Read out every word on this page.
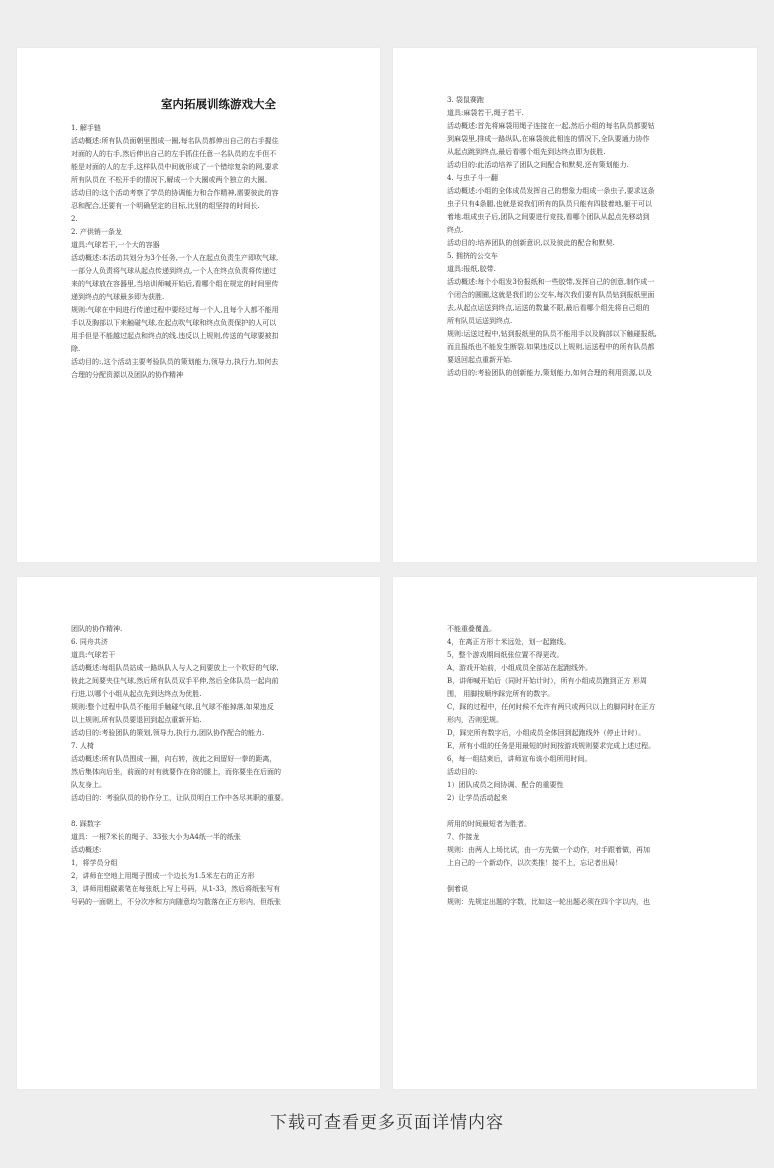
室内拓展训练游戏大全
1. 解手链
活动概述:所有队员面朝里围成一圈,每名队员都伸出自己的右手握住
对面的人的右手,然后伸出自己的左手抓住任意一名队员的左手但不
能是对面的人的左手,这样队员中间就形成了一个错综复杂的网,要求
所有队员在 不松开手的情况下,解成一个大圈或两个独立的大圈。
活动目的:这个活动考察了学员的协调能力和合作精神,需要彼此的容
忍和配合,还要有一个明确坚定的目标,比别的组坚持的时间长.
2.
2. 产供销一条龙
道具:气球若干,一个大的容器
活动概述:本活动共划分为3个任务,一个人在起点负责生产即吹气球,
一部分人负责将气球从起点传递到终点,一个人在终点负责将传递过
来的气球放在容器里,当培训师喊开始后,看哪个组在规定的时间里传
递到终点的气球最多即为获胜.
规则:气球在中间进行传递过程中要经过每一个人,且每个人都不能用
手以及胸部以下来触碰气球,在起点吹气球和终点负责保护的人可以
用手但是不能越过起点和终点的线.违反以上规则,传送的气球要被扣
除.
活动目的:,这个活动主要考验队员的策划能力,领导力,执行力,如何去
合理的分配资源以及团队的协作精神
3. 袋鼠赛跑
道具:麻袋若干,绳子若干.
活动概述:首先将麻袋用绳子连接在一起,然后小组的每名队员都要钻
到麻袋里,排成一路纵队,在麻袋彼此相连的情况下,全队要通力协作
从起点跳到终点,最后看哪个组先到达终点即为获胜.
活动目的:此活动培养了团队之间配合和默契,还有策划能力.
4. 与虫子斗一翻
活动概述:小组的全体成员发挥自己的想象力组成一条虫子,要求这条
虫子只有4条腿,也就是说我们所有的队员只能有四肢着地,躯干可以
着地.组成虫子后,团队之间要进行竞技,看哪个团队从起点先移动到
终点.
活动目的:培养团队的创新意识,以及彼此的配合和默契.
5. 拥挤的公交车
道具:报纸,胶带.
活动概述:每个小组发3份报纸和一些胶带,发挥自己的创意,制作成一
个闭合的圆圈,这就是我们的公交车,每次我们要有队员钻到报纸里面
去,从起点运送到终点,运送的数量不限,最后看哪个组先将自己组的
所有队员运送到终点.
规则:运送过程中,钻到报纸里的队员不能用手以及胸部以下触碰报纸,
而且报纸也不能发生断裂.如果违反以上规则,运送程中的所有队员都
要返回起点重新开始.
活动目的:考验团队的创新能力,策划能力,如何合理的利用资源,以及
团队的协作精神.
6. 同舟共济
道具:气球若干
活动概述:每组队员站成一路纵队人与人之间要放上一个吹好的气球,
彼此之间要夹住气球,然后所有队员双手平伸,然后全体队员一起向前
行进,以哪个小组从起点先到达终点为优胜.
规则:整个过程中队员不能用手触碰气球,且气球不能掉落,如果违反
以上规则,所有队员要退回到起点重新开始.
活动目的:考验团队的策划,领导力,执行力,团队协作配合的能力.
7. 人椅
活动概述:所有队员围成一圈，向右转，彼此之间留好一拳的距离，
然后集体向后坐，前面的对有就要作在你的腿上，而你要坐在后面的
队友身上。
活动目的：考验队员的协作分工，让队员明白工作中各尽其职的重要。
8. 踩数字
道具：一根7米长的绳子、33张大小为A4纸一半的纸张
活动概述:
1，将学员分组
2，讲师在空地上用绳子围成一个边长为1.5米左右的正方形
3，讲师用粗碳素笔在每张纸上写上号码，从1-33，然后将纸张写有
号码的一面朝上，不分次序和方向随意均匀散落在正方形内，但纸张
不能重叠覆盖。
4，在离正方形十米远处，划一起跑线。
5，整个游戏期间纸张位置不得更改。
A，游戏开始前，小组成员全部站在起跑线外。
B，讲师喊开始后（同时开始计时），所有小组成员跑到正方 形周
围， 用脚按顺序踩完所有的数字。
C，踩的过程中，任何时候不允许有两只或两只以上的脚同时在正方
形内，否则犯规。
D，踩完所有数字后，小组成员全体回到起跑线外（停止计时）。
E，所有小组的任务是用最短的时间按游戏规则要求完成上述过程。
6，每一组结束后，讲师宣布该小组所用时间。
活动目的:
1）团队成员之间协调、配合的重要性
2）让学员活动起来
所用的时间最短者为胜者。
7、作接龙
规则：由两人上场比试，由一方先做一个动作，对手跟着做，再加
上自己的一个新动作，以次类推！接不上，忘记者出局！
倒着说
规则：先规定出题的字数，比如这一轮出题必须在四个字以内，也
下载可查看更多页面详情内容
